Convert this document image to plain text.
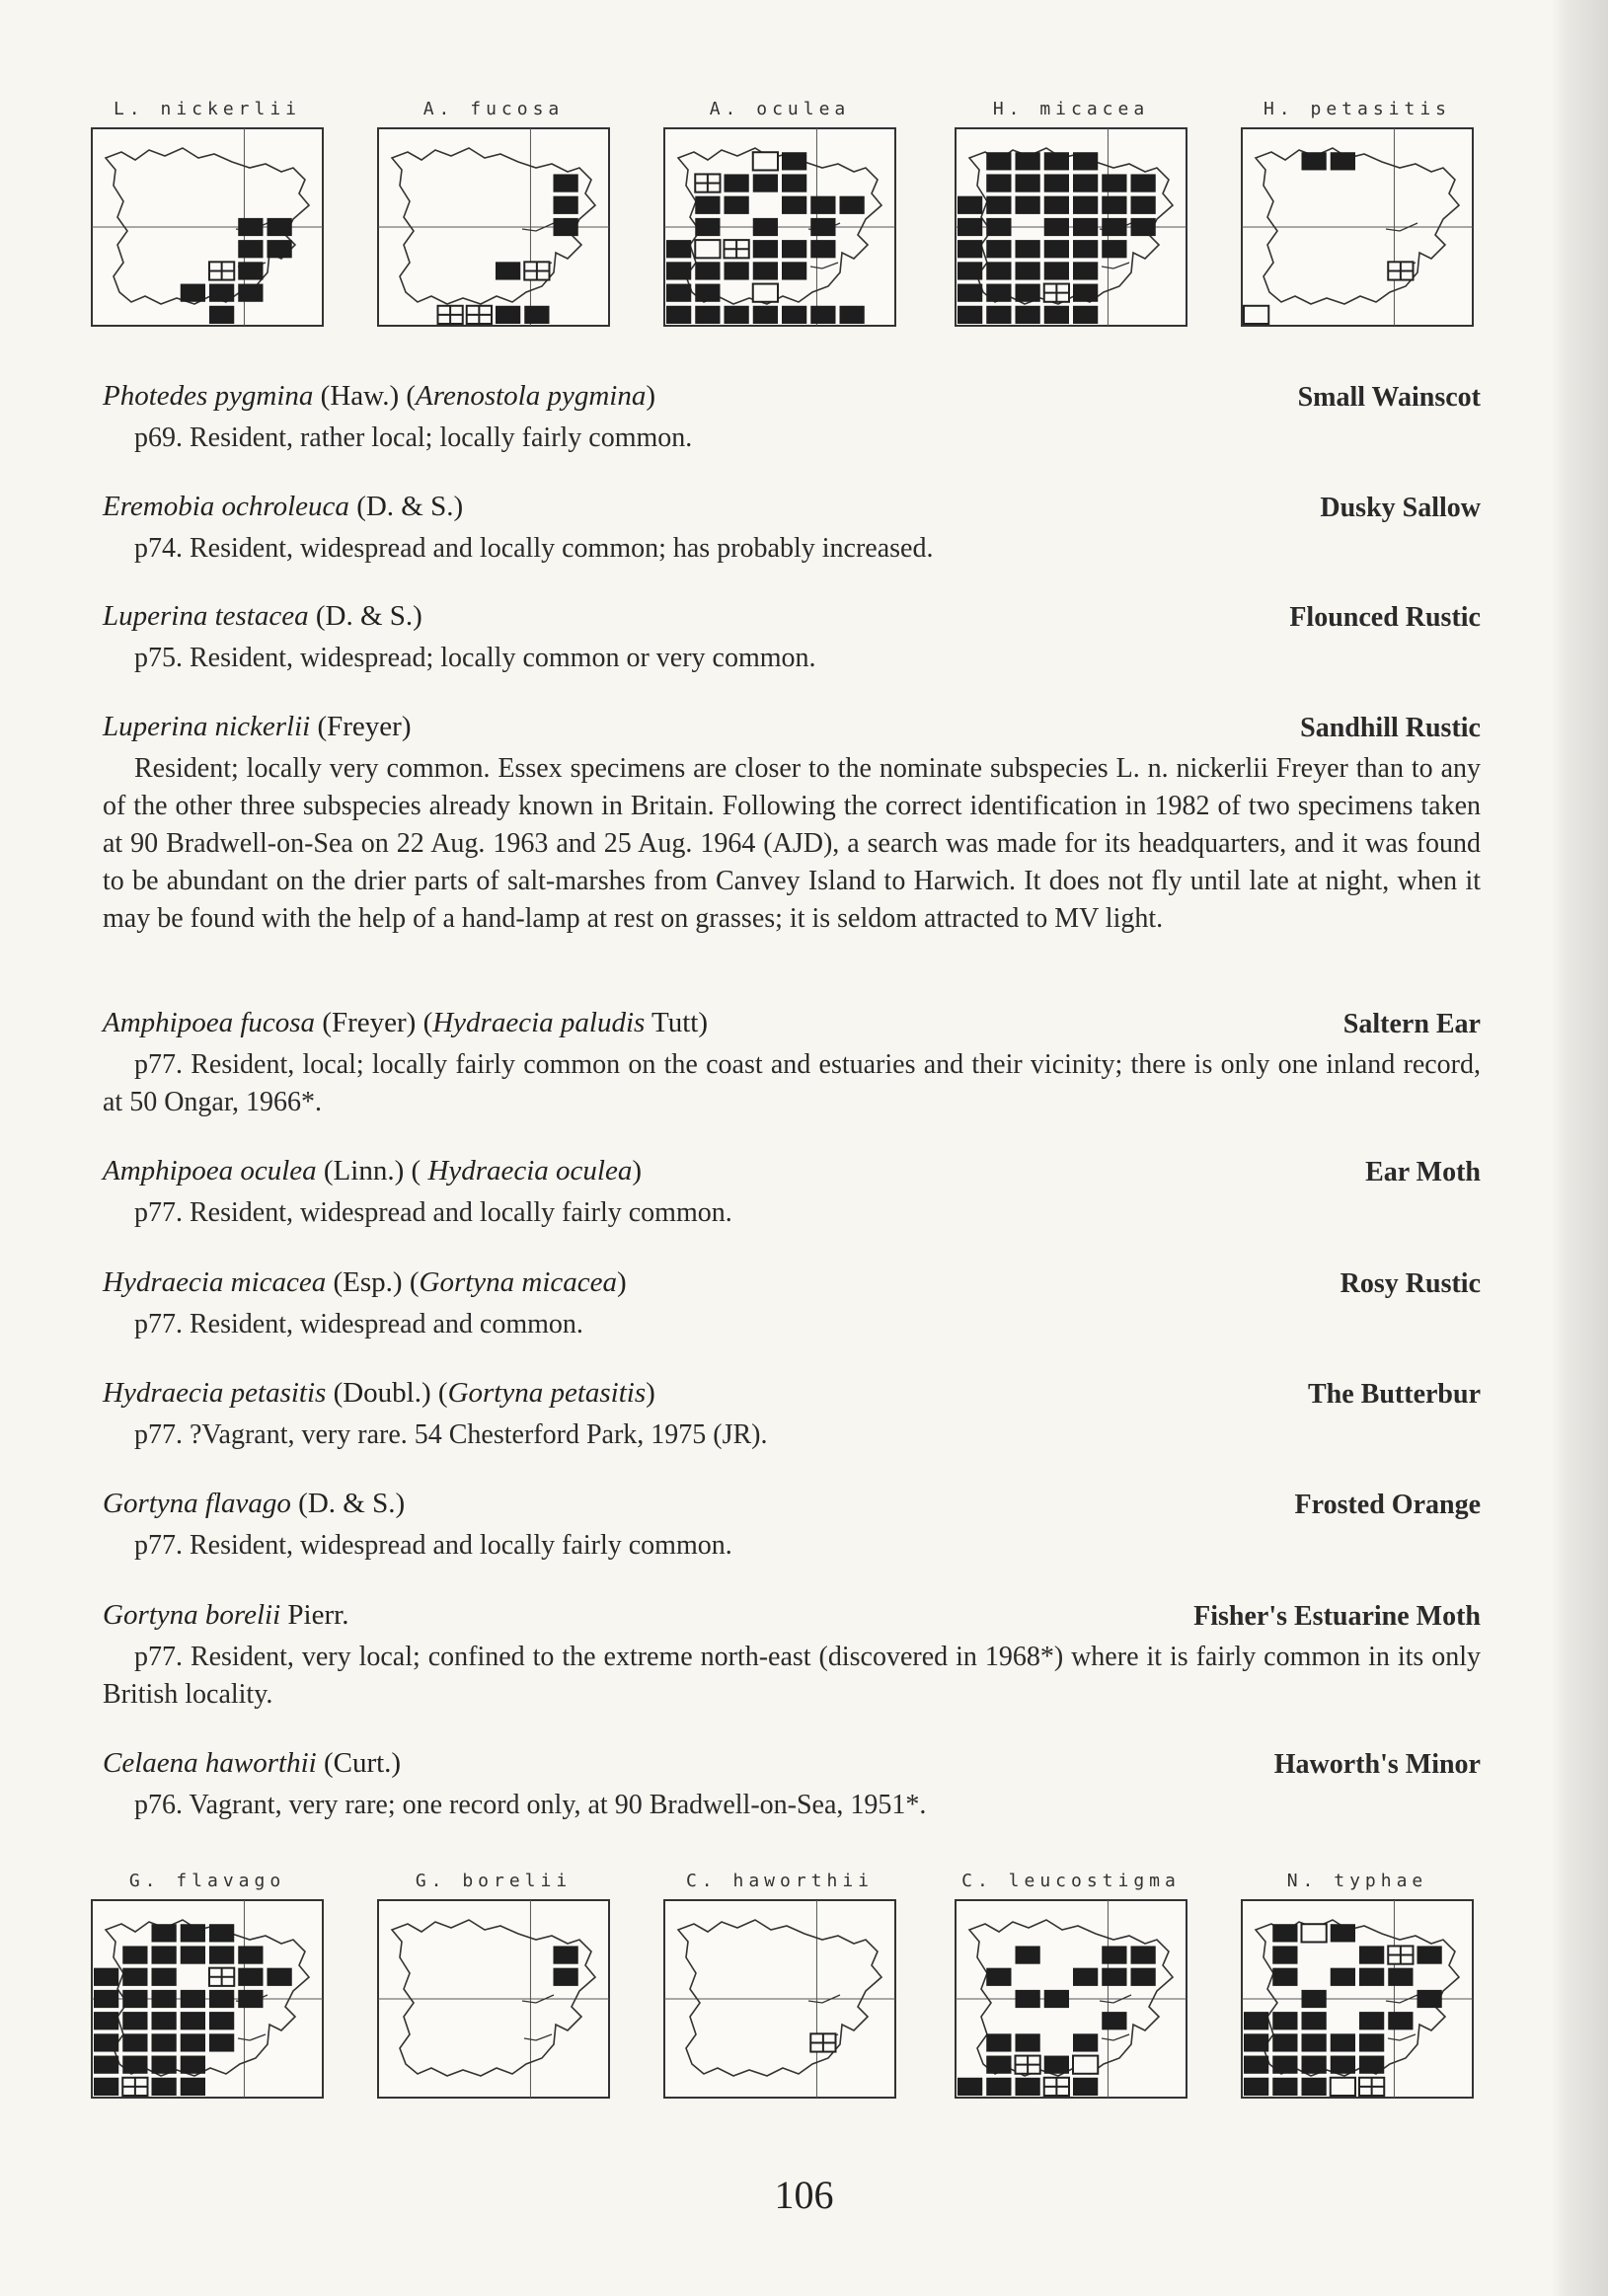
L. nickerlii	A. fucosa	A. oculea	H. micacea	H. petasitis
Photedes pygmina (Haw.) (Arenostola pygmina)	Small Wainscot
p69. Resident, rather local; locally fairly common.
Eremobia ochroleuca (D. & S.)	Dusky Sallow
p74. Resident, widespread and locally common; has probably increased.
Luperina testacea (D. & S.)	Flounced Rustic
p75. Resident, widespread; locally common or very common.
Luperina nickerlii (Freyer)	Sandhill Rustic
Resident; locally very common. Essex specimens are closer to the nominate subspecies L. n. nickerlii Freyer than to any of the other three subspecies already known in Britain. Following the correct identification in 1982 of two specimens taken at 90 Bradwell-on-Sea on 22 Aug. 1963 and 25 Aug. 1964 (AJD), a search was made for its headquarters, and it was found to be abundant on the drier parts of salt-marshes from Canvey Island to Harwich. It does not fly until late at night, when it may be found with the help of a hand-lamp at rest on grasses; it is seldom attracted to MV light.
Amphipoea fucosa (Freyer) (Hydraecia paludis Tutt)	Saltern Ear
p77. Resident, local; locally fairly common on the coast and estuaries and their vicinity; there is only one inland record, at 50 Ongar, 1966*.
Amphipoea oculea (Linn.) ( Hydraecia oculea)	Ear Moth
p77. Resident, widespread and locally fairly common.
Hydraecia micacea (Esp.) (Gortyna micacea)	Rosy Rustic
p77. Resident, widespread and common.
Hydraecia petasitis (Doubl.) (Gortyna petasitis)	The Butterbur
p77. ?Vagrant, very rare. 54 Chesterford Park, 1975 (JR).
Gortyna flavago (D. & S.)	Frosted Orange
p77. Resident, widespread and locally fairly common.
Gortyna borelii Pierr.	Fisher's Estuarine Moth
p77. Resident, very local; confined to the extreme north-east (discovered in 1968*) where it is fairly common in its only British locality.
Celaena haworthii (Curt.)	Haworth's Minor
p76. Vagrant, very rare; one record only, at 90 Bradwell-on-Sea, 1951*.
G. flavago	G. borelii	C. haworthii	C. leucostigma	N. typhae
106
